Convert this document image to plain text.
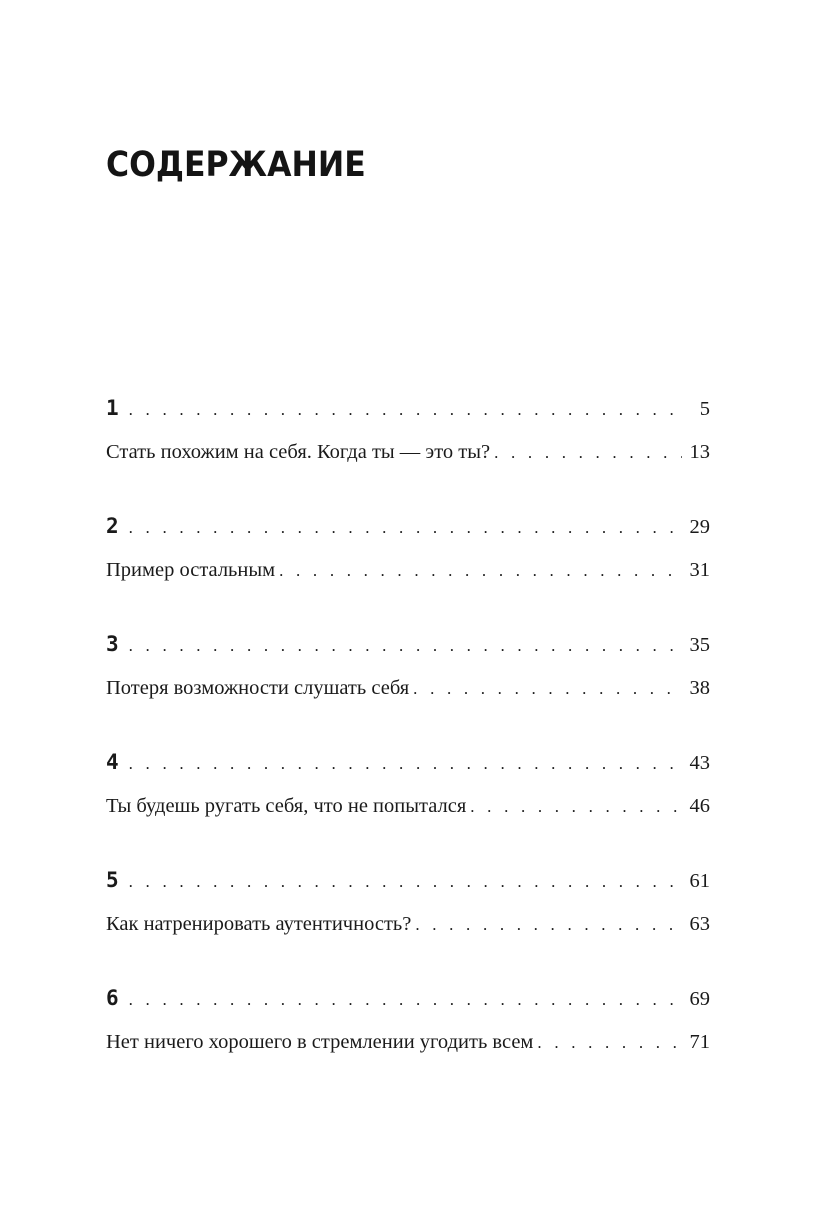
СОДЕРЖАНИЕ
1 . . .	5
Стать похожим на себя. Когда ты — это ты? . . .	13
2 . . .	29
Пример остальным . . .	31
3 . . .	35
Потеря возможности слушать себя . . .	38
4 . . .	43
Ты будешь ругать себя, что не попытался . . .	46
5 . . .	61
Как натренировать аутентичность? . . .	63
6 . . .	69
Нет ничего хорошего в стремлении угодить всем . . .	71
